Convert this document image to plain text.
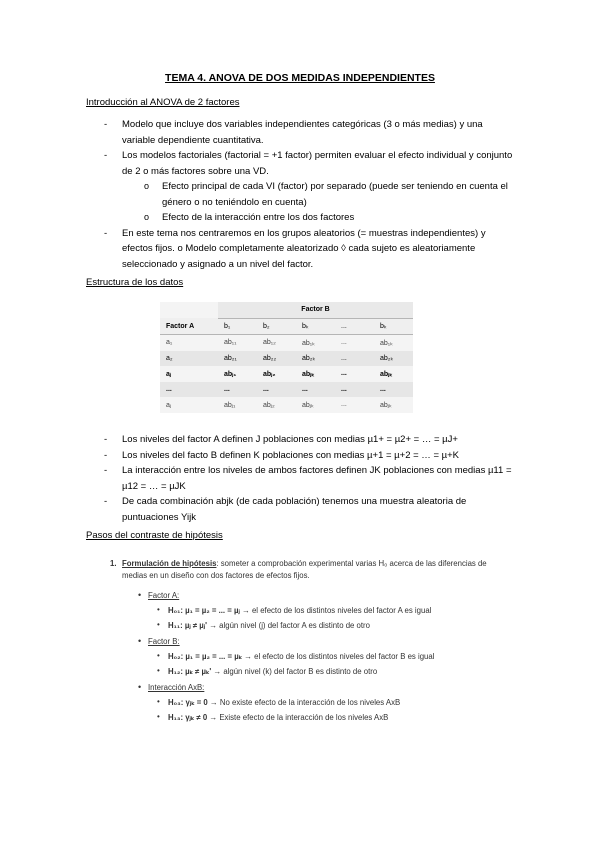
TEMA 4. ANOVA DE DOS MEDIDAS INDEPENDIENTES
Introducción al ANOVA de 2 factores
- Modelo que incluye dos variables independientes categóricas (3 o más medias) y una variable dependiente cuantitativa.
- Los modelos factoriales (factorial = +1 factor) permiten evaluar el efecto individual y conjunto de 2 o más factores sobre una VD.
o Efecto principal de cada VI (factor) por separado (puede ser teniendo en cuenta el género o no teniéndolo en cuenta)
o Efecto de la interacción entre los dos factores
- En este tema nos centraremos en los grupos aleatorios (= muestras independientes) y efectos fijos. o Modelo completamente aleatorizado ◊ cada sujeto es aleatoriamente seleccionado y asignado a un nivel del factor.
Estructura de los datos
	Factor B				
Factor A	b₁	b₂	bₖ	...	bₖ
a₁	ab₁₁	ab₁₂	ab₁ₖ	...	ab₁ₖ
a₂	ab₂₁	ab₂₂	ab₂ₖ	...	ab₂ₖ
aⱼ	abⱼ₁	abⱼ₂	abⱼₖ	...	abⱼₖ
...	...	...	...	...	...
aⱼ	abⱼ₁	abⱼ₂	abⱼₖ	...	abⱼₖ
- Los niveles del factor A definen J poblaciones con medias µ1+ = µ2+ = … = µJ+
- Los niveles del facto B definen K poblaciones con medias µ+1 = µ+2 = … = µ+K
- La interacción entre los niveles de ambos factores definen JK poblaciones con medias µ11 = µ12 = … = µJK
- De cada combinación abjk (de cada población) tenemos una muestra aleatoria de puntuaciones Yijk
Pasos del contraste de hipótesis
1. Formulación de hipótesis: someter a comprobación experimental varias H₀ acerca de las diferencias de medias en un diseño con dos factores de efectos fijos.
• Factor A:
• H₀₁: µ₁ = µ₂ = ... = µⱼ → el efecto de los distintos niveles del factor A es igual
• H₁₁: µⱼ ≠ µⱼ' → algún nivel (j) del factor A es distinto de otro
• Factor B:
• H₀₂: µ₁ = µ₂ = ... = µₖ → el efecto de los distintos niveles del factor B es igual
• H₁₂: µₖ ≠ µₖ' → algún nivel (k) del factor B es distinto de otro
• Interacción AxB:
• H₀₃: γⱼₖ = 0 → No existe efecto de la interacción de los niveles AxB
• H₁₃: γⱼₖ ≠ 0 → Existe efecto de la interacción de los niveles AxB
